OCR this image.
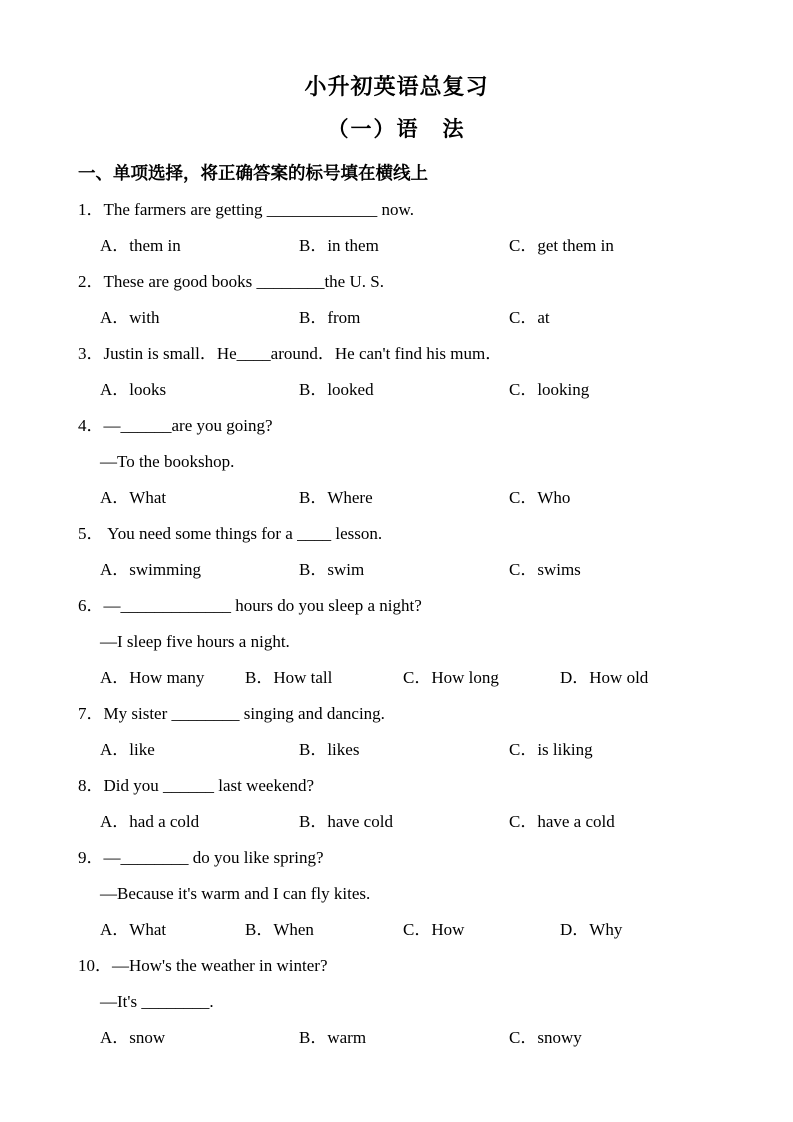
小升初英语总复习
（一）语　法
一、单项选择，将正确答案的标号填在横线上
1．The farmers are getting _____________ now.
A．them in	B．in them	C．get them in
2．These are good books ________the U. S.
A．with	B．from	C．at
3．Justin is small．He____around．He can't find his mum．
A．looks	B．looked	C．looking
4．—______are you going?
—To the bookshop.
A．What	B．Where	C．Who
5． You need some things for a ____ lesson.
A．swimming	B．swim	C．swims
6．—_____________ hours do you sleep a night?
—I sleep five hours a night.
A．How many	B．How tall	C．How long	D．How old
7．My sister ________ singing and dancing.
A．like	B．likes	C．is liking
8．Did you ______ last weekend?
A．had a cold	B．have cold	C．have a cold
9．—________ do you like spring?
—Because it's warm and I can fly kites.
A．What	B．When	C．How	D．Why
10．—How's the weather in winter?
—It's ________.
A．snow	B．warm	C．snowy
